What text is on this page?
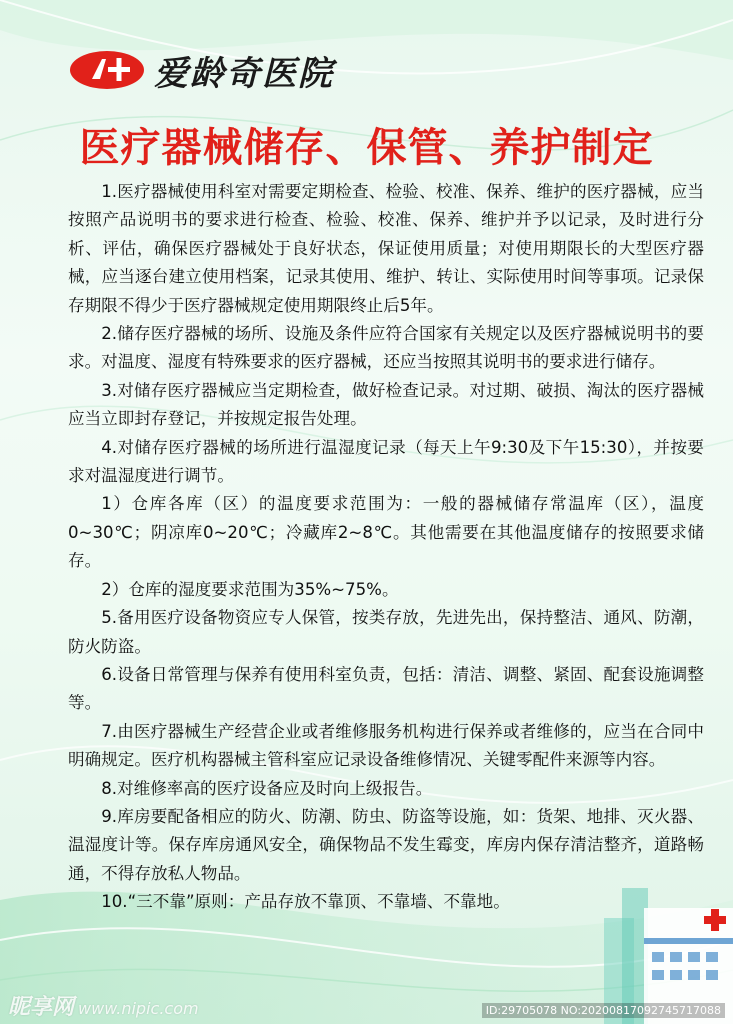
爱龄奇医院
医疗器械储存、保管、养护制定

1.医疗器械使用科室对需要定期检查、检验、校准、保养、维护的医疗器械，应当按照产品说明书的要求进行检查、检验、校准、保养、维护并予以记录，及时进行分析、评估，确保医疗器械处于良好状态，保证使用质量；对使用期限长的大型医疗器械，应当逐台建立使用档案，记录其使用、维护、转让、实际使用时间等事项。记录保存期限不得少于医疗器械规定使用期限终止后5年。

2.储存医疗器械的场所、设施及条件应符合国家有关规定以及医疗器械说明书的要求。对温度、湿度有特殊要求的医疗器械，还应当按照其说明书的要求进行储存。

3.对储存医疗器械应当定期检查，做好检查记录。对过期、破损、淘汰的医疗器械应当立即封存登记，并按规定报告处理。

4.对储存医疗器械的场所进行温湿度记录（每天上午9:30及下午15:30），并按要求对温湿度进行调节。

1）仓库各库（区）的温度要求范围为：一般的器械储存常温库（区），温度0~30℃；阴凉库0~20℃；冷藏库2~8℃。其他需要在其他温度储存的按照要求储存。

2）仓库的湿度要求范围为35%~75%。

5.备用医疗设备物资应专人保管，按类存放，先进先出，保持整洁、通风、防潮，防火防盗。

6.设备日常管理与保养有使用科室负责，包括：清洁、调整、紧固、配套设施调整等。

7.由医疗器械生产经营企业或者维修服务机构进行保养或者维修的，应当在合同中明确规定。医疗机构器械主管科室应记录设备维修情况、关键零配件来源等内容。

8.对维修率高的医疗设备应及时向上级报告。

9.库房要配备相应的防火、防潮、防虫、防盗等设施，如：货架、地排、灭火器、温湿度计等。保存库房通风安全，确保物品不发生霉变，库房内保存清洁整齐，道路畅通，不得存放私人物品。

10.“三不靠”原则：产品存放不靠顶、不靠墙、不靠地。

昵享网 www.nipic.com	ID:29705078 NO:20200817092745717088
